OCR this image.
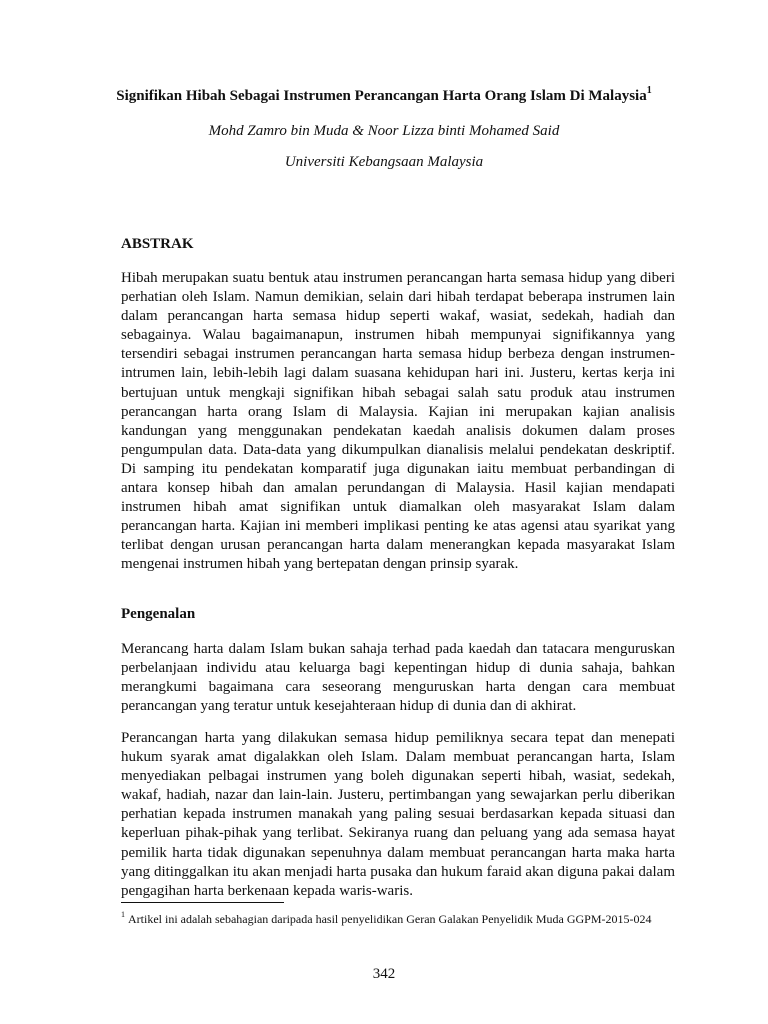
Signifikan Hibah Sebagai Instrumen Perancangan Harta Orang Islam Di Malaysia$^1$
Mohd Zamro bin Muda & Noor Lizza binti Mohamed Said
Universiti Kebangsaan Malaysia
ABSTRAK

Hibah merupakan suatu bentuk atau instrumen perancangan harta semasa hidup yang diberi perhatian oleh Islam. Namun demikian, selain dari hibah terdapat beberapa instrumen lain dalam perancangan harta semasa hidup seperti wakaf, wasiat, sedekah, hadiah dan sebagainya. Walau bagaimanapun, instrumen hibah mempunyai signifikannya yang tersendiri sebagai instrumen perancangan harta semasa hidup berbeza dengan instrumen-intrumen lain, lebih-lebih lagi dalam suasana kehidupan hari ini. Justeru, kertas kerja ini bertujuan untuk mengkaji signifikan hibah sebagai salah satu produk atau instrumen perancangan harta orang Islam di Malaysia. Kajian ini merupakan kajian analisis kandungan yang menggunakan pendekatan kaedah analisis dokumen dalam proses pengumpulan data. Data-data yang dikumpulkan dianalisis melalui pendekatan deskriptif. Di samping itu pendekatan komparatif juga digunakan iaitu membuat perbandingan di antara konsep hibah dan amalan perundangan di Malaysia. Hasil kajian mendapati instrumen hibah amat signifikan untuk diamalkan oleh masyarakat Islam dalam perancangan harta. Kajian ini memberi implikasi penting ke atas agensi atau syarikat yang terlibat dengan urusan perancangan harta dalam menerangkan kepada masyarakat Islam mengenai instrumen hibah yang bertepatan dengan prinsip syarak.

Pengenalan

Merancang harta dalam Islam bukan sahaja terhad pada kaedah dan tatacara menguruskan perbelanjaan individu atau keluarga bagi kepentingan hidup di dunia sahaja, bahkan merangkumi bagaimana cara seseorang menguruskan harta dengan cara membuat perancangan yang teratur untuk kesejahteraan hidup di dunia dan di akhirat.

Perancangan harta yang dilakukan semasa hidup pemiliknya secara tepat dan menepati hukum syarak amat digalakkan oleh Islam. Dalam membuat perancangan harta, Islam menyediakan pelbagai instrumen yang boleh digunakan seperti hibah, wasiat, sedekah, wakaf, hadiah, nazar dan lain-lain. Justeru, pertimbangan yang sewajarkan perlu diberikan perhatian kepada instrumen manakah yang paling sesuai berdasarkan kepada situasi dan keperluan pihak-pihak yang terlibat. Sekiranya ruang dan peluang yang ada semasa hayat pemilik harta tidak digunakan sepenuhnya dalam membuat perancangan harta maka harta yang ditinggalkan itu akan menjadi harta pusaka dan hukum faraid akan diguna pakai dalam pengagihan harta berkenaan kepada waris-waris.

$^1$ Artikel ini adalah sebahagian daripada hasil penyelidikan Geran Galakan Penyelidik Muda GGPM-2015-024

342
